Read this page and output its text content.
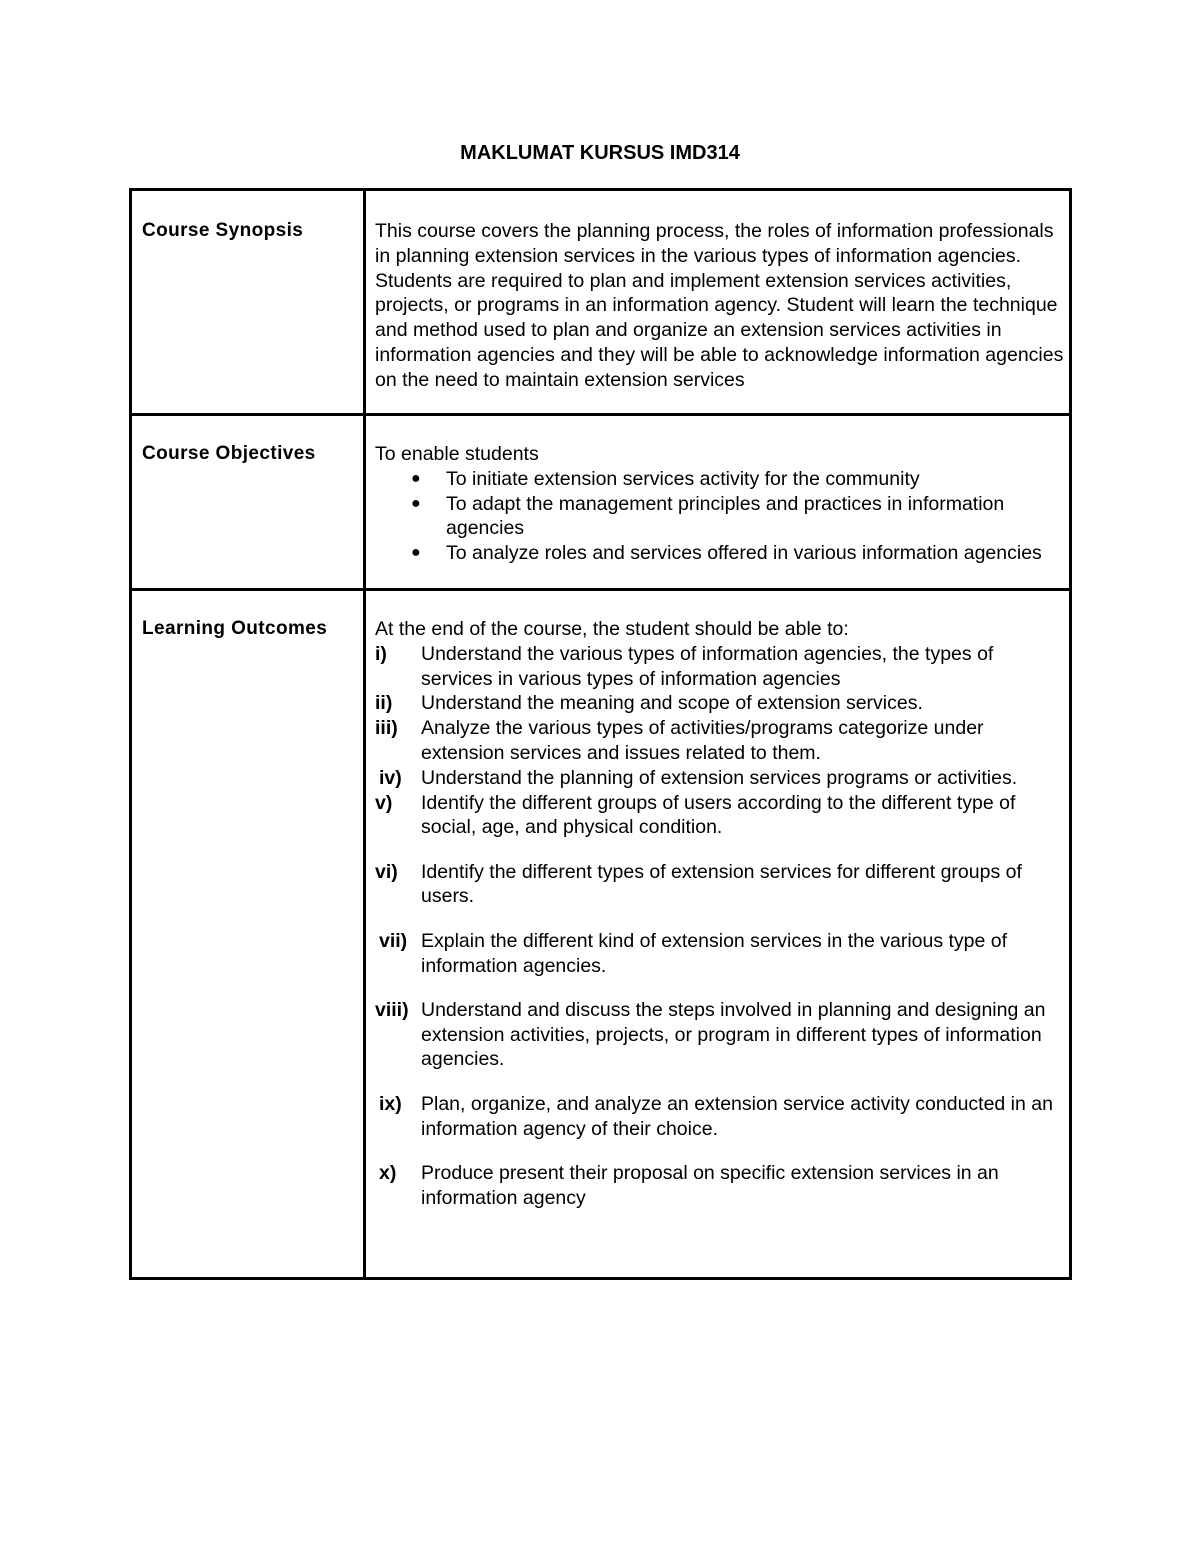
MAKLUMAT KURSUS IMD314
Course Synopsis	This course covers the planning process, the roles of information professionals in planning extension services in the various types of information agencies. Students are required to plan and implement extension services activities, projects, or programs in an information agency. Student will learn the technique and method used to plan and organize an extension services activities in information agencies and they will be able to acknowledge information agencies on the need to maintain extension services
Course Objectives	To enable students
● To initiate extension services activity for the community
● To adapt the management principles and practices in information agencies
● To analyze roles and services offered in various information agencies
Learning Outcomes At the end of the course, the student should be able to:
i) Understand the various types of information agencies, the types of services in various types of information agencies
ii) Understand the meaning and scope of extension services.
iii) Analyze the various types of activities/programs categorize under extension services and issues related to them.
iv) Understand the planning of extension services programs or activities.
v) Identify the different groups of users according to the different type of social, age, and physical condition.
vi) Identify the different types of extension services for different groups of users.
vii) Explain the different kind of extension services in the various type of information agencies.
viii) Understand and discuss the steps involved in planning and designing an extension activities, projects, or program in different types of information agencies.
ix) Plan, organize, and analyze an extension service activity conducted in an information agency of their choice.
x) Produce present their proposal on specific extension services in an information agency
